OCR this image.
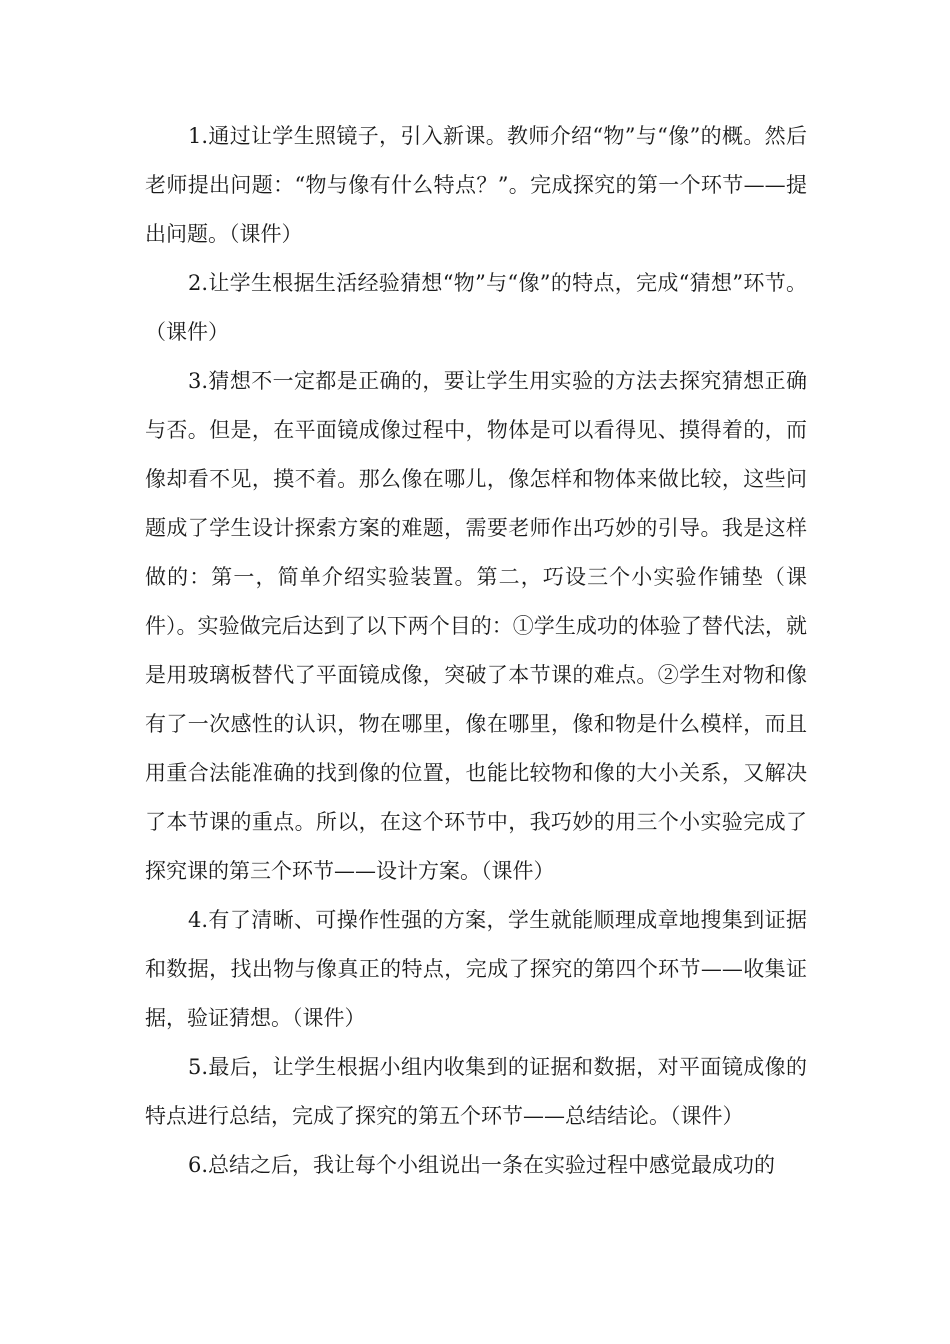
1.通过让学生照镜子，引入新课。教师介绍“物”与“像”的概。然后老师提出问题：“物与像有什么特点？”。完成探究的第一个环节——提出问题。（课件）

2.让学生根据生活经验猜想“物”与“像”的特点，完成“猜想”环节。（课件）

3.猜想不一定都是正确的，要让学生用实验的方法去探究猜想正确与否。但是，在平面镜成像过程中，物体是可以看得见、摸得着的，而像却看不见，摸不着。那么像在哪儿，像怎样和物体来做比较，这些问题成了学生设计探索方案的难题，需要老师作出巧妙的引导。我是这样做的：第一，简单介绍实验装置。第二，巧设三个小实验作铺垫（课件）。实验做完后达到了以下两个目的：①学生成功的体验了替代法，就是用玻璃板替代了平面镜成像，突破了本节课的难点。②学生对物和像有了一次感性的认识，物在哪里，像在哪里，像和物是什么模样，而且用重合法能准确的找到像的位置，也能比较物和像的大小关系，又解决了本节课的重点。所以，在这个环节中，我巧妙的用三个小实验完成了探究课的第三个环节——设计方案。（课件）

4.有了清晰、可操作性强的方案，学生就能顺理成章地搜集到证据和数据，找出物与像真正的特点，完成了探究的第四个环节——收集证据，验证猜想。（课件）

5.最后，让学生根据小组内收集到的证据和数据，对平面镜成像的特点进行总结，完成了探究的第五个环节——总结结论。（课件）

6.总结之后，我让每个小组说出一条在实验过程中感觉最成功的
